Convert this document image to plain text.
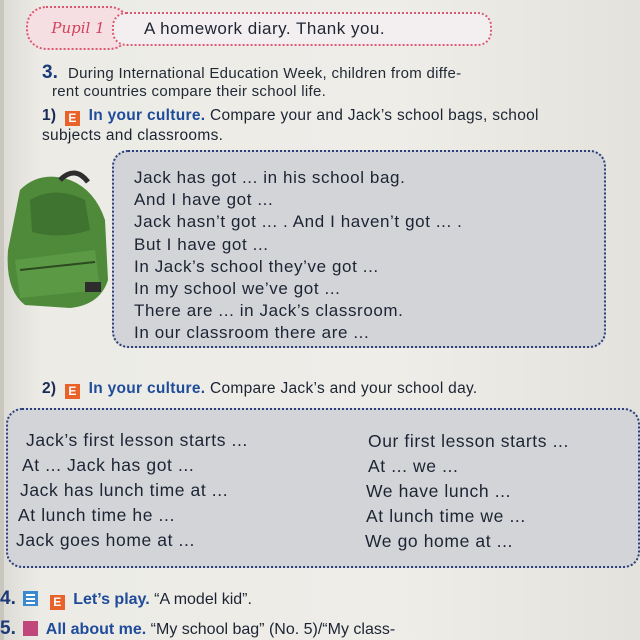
Pupil 1 A homework diary. Thank you.
3. During International Education Week, children from diffe-
rent countries compare their school life.
1) E In your culture. Compare your and Jack’s school bags, school subjects and classrooms.
Jack has got ... in his school bag.
And I have got ...
Jack hasn’t got ... . And I haven’t got ... .
But I have got ...
In Jack’s school they’ve got ...
In my school we’ve got ...
There are ... in Jack’s classroom.
In our classroom there are ...
2) E In your culture. Compare Jack’s and your school day.
Jack’s first lesson starts ...
At ... Jack has got ...
Jack has lunch time at ...
At lunch time he ...
Jack goes home at ...
Our first lesson starts ...
At ... we ...
We have lunch ...
At lunch time we ...
We go home at ...
4.	E Let’s play. “A model kid”.
5. All about me. “My school bag” (No. 5)/“My class-
